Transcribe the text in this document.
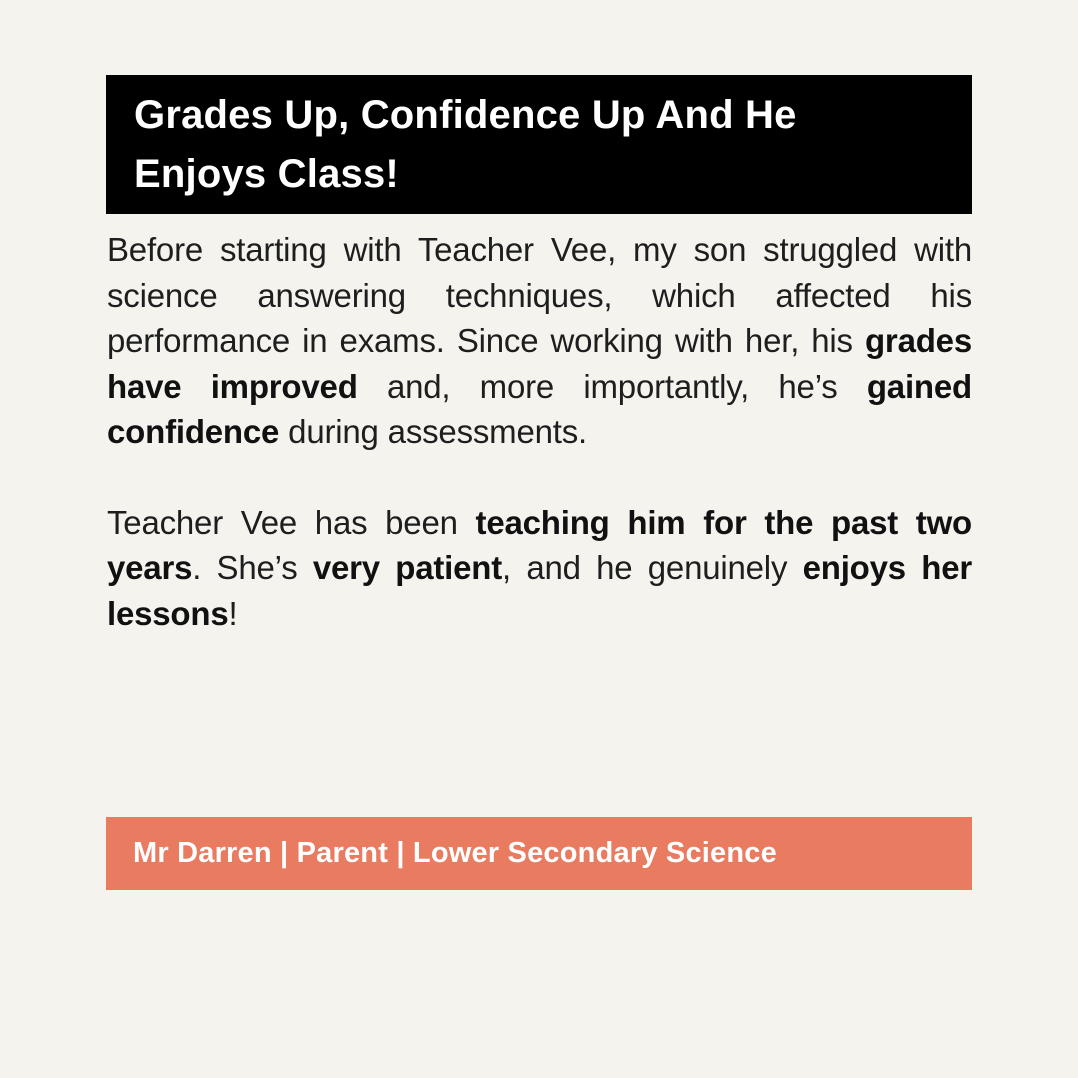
Grades Up, Confidence Up And He
Enjoys Class!

Before starting with Teacher Vee, my son struggled with science answering techniques, which affected his performance in exams. Since working with her, his grades have improved and, more importantly, he’s gained confidence during assessments.

Teacher Vee has been teaching him for the past two years. She’s very patient, and he genuinely enjoys her lessons!

Mr Darren | Parent | Lower Secondary Science
